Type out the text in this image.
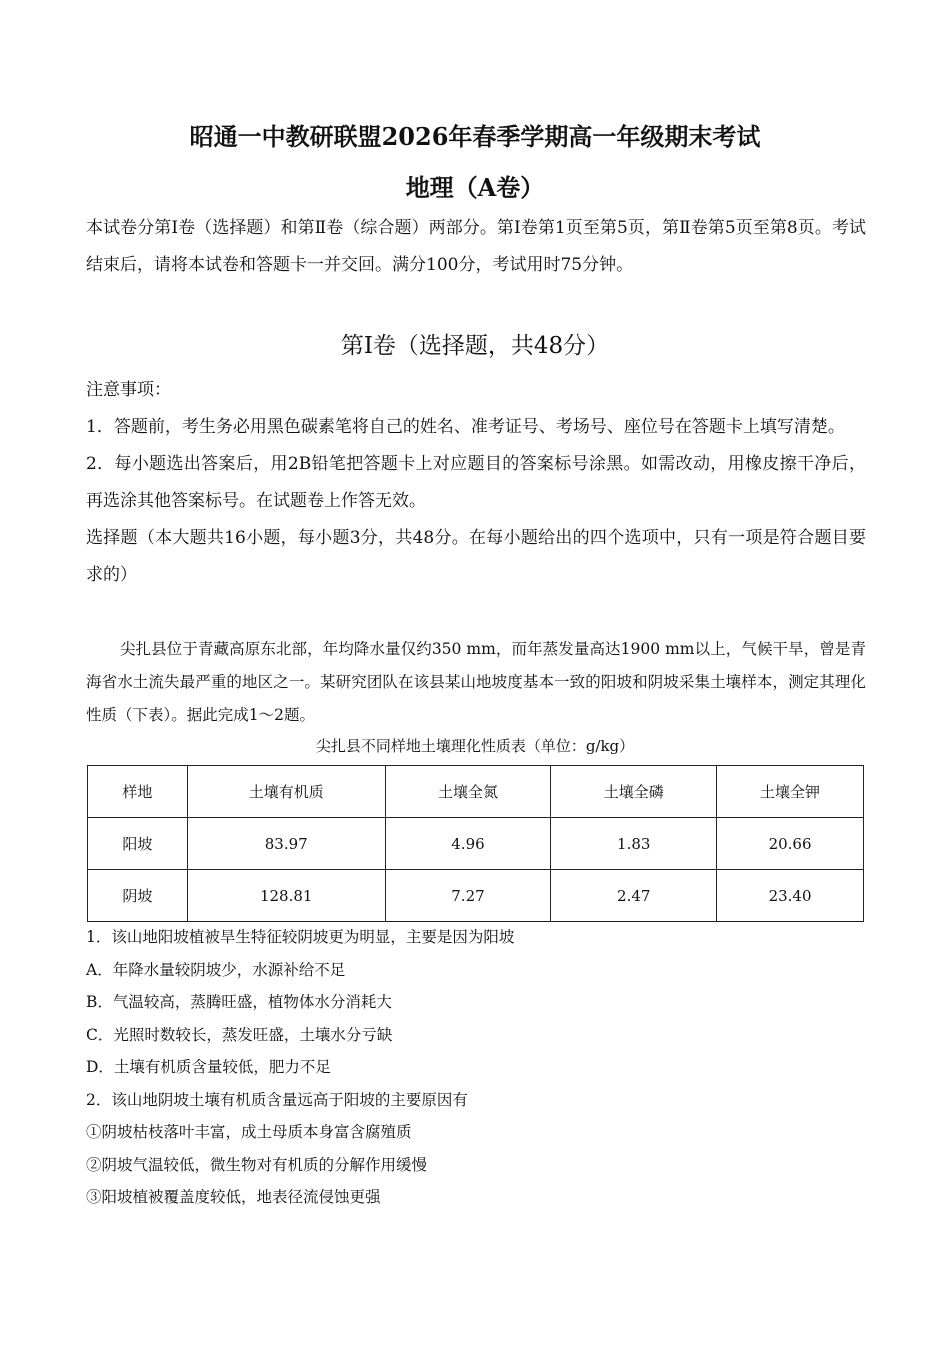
昭通一中教研联盟2026年春季学期高一年级期末考试
地理（A卷）
本试卷分第Ⅰ卷（选择题）和第Ⅱ卷（综合题）两部分。第Ⅰ卷第1页至第5页，第Ⅱ卷第5页至第8页。考试结束后，请将本试卷和答题卡一并交回。满分100分，考试用时75分钟。
第Ⅰ卷（选择题，共48分）
注意事项：
1．答题前，考生务必用黑色碳素笔将自己的姓名、准考证号、考场号、座位号在答题卡上填写清楚。
2．每小题选出答案后，用2B铅笔把答题卡上对应题目的答案标号涂黑。如需改动，用橡皮擦干净后，再选涂其他答案标号。在试题卷上作答无效。
选择题（本大题共16小题，每小题3分，共48分。在每小题给出的四个选项中，只有一项是符合题目要求的）
尖扎县位于青藏高原东北部，年均降水量仅约350 mm，而年蒸发量高达1900 mm以上，气候干旱，曾是青海省水土流失最严重的地区之一。某研究团队在该县某山地坡度基本一致的阳坡和阴坡采集土壤样本，测定其理化性质（下表）。据此完成1～2题。
尖扎县不同样地土壤理化性质表（单位：g/kg）
样地	土壤有机质	土壤全氮	土壤全磷	土壤全钾
阳坡	83.97	4.96	1.83	20.66
阴坡	128.81	7.27	2.47	23.40
1．该山地阳坡植被旱生特征较阴坡更为明显，主要是因为阳坡
A．年降水量较阴坡少，水源补给不足
B．气温较高，蒸腾旺盛，植物体水分消耗大
C．光照时数较长，蒸发旺盛，土壤水分亏缺
D．土壤有机质含量较低，肥力不足
2．该山地阴坡土壤有机质含量远高于阳坡的主要原因有
①阴坡枯枝落叶丰富，成土母质本身富含腐殖质
②阴坡气温较低，微生物对有机质的分解作用缓慢
③阳坡植被覆盖度较低，地表径流侵蚀更强
